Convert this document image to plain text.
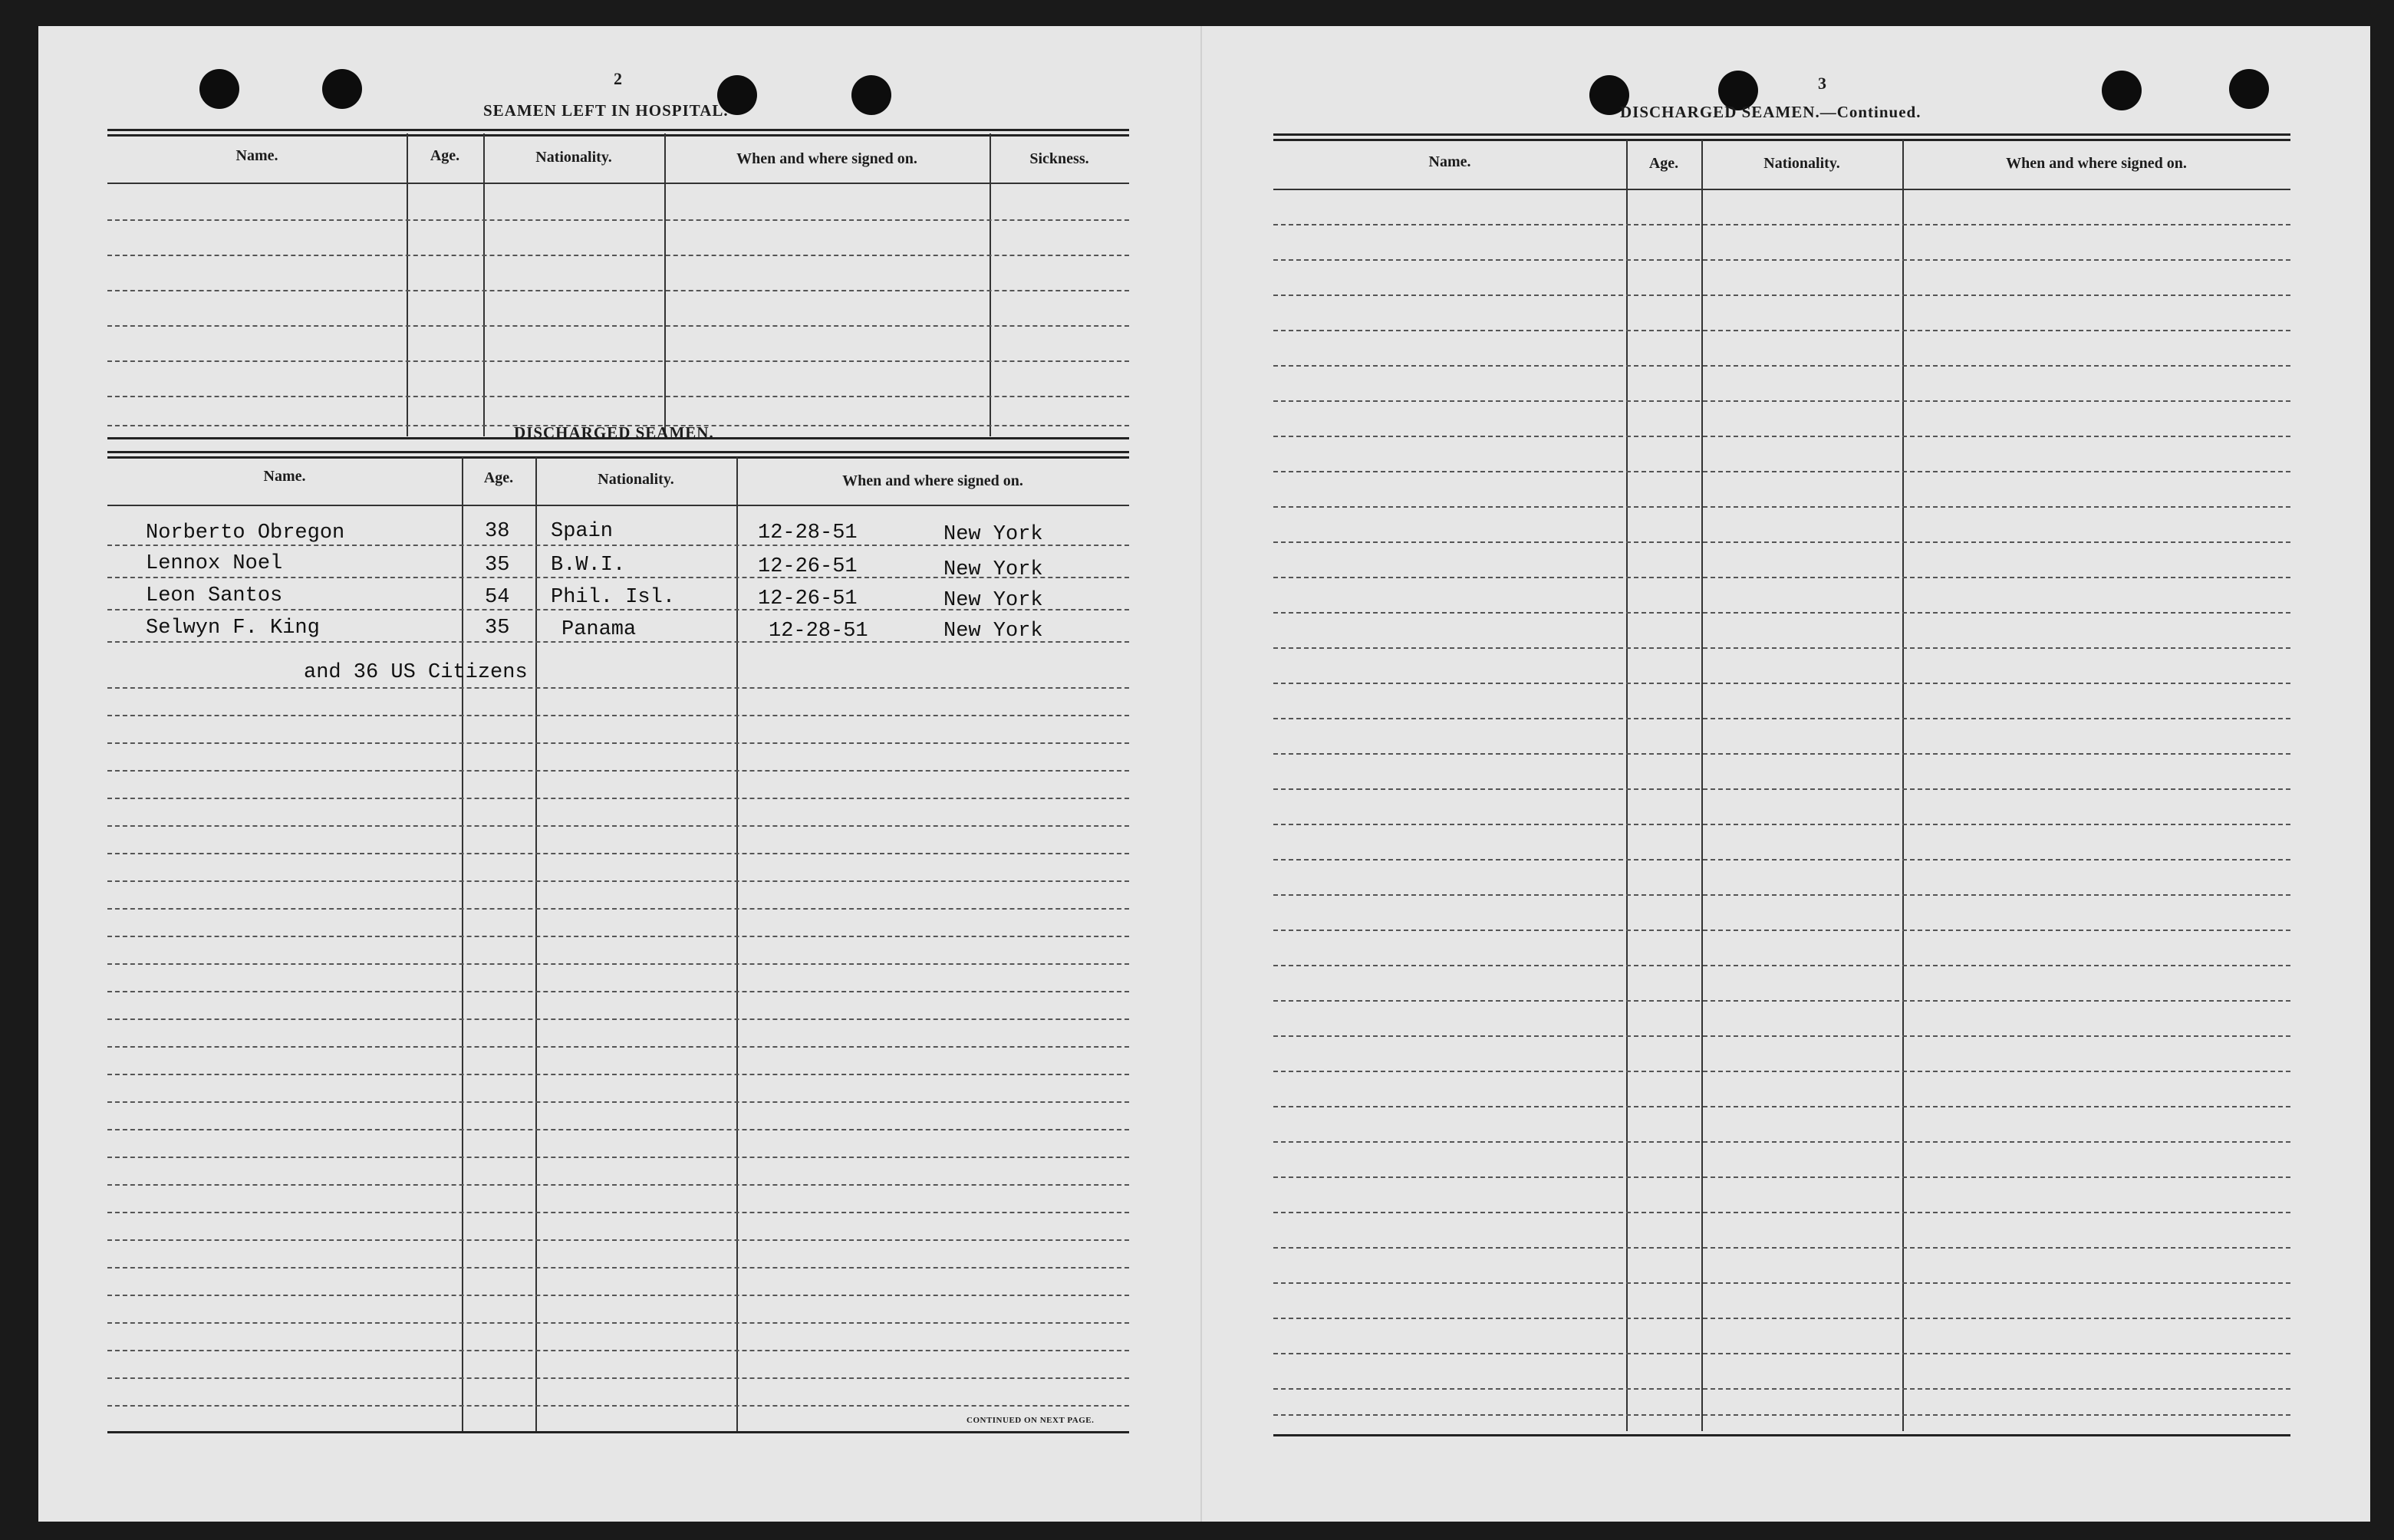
2
SEAMEN LEFT IN HOSPITAL.
Name.	Age.	Nationality.	When and where signed on.	Sickness.
DISCHARGED SEAMEN.
Name.	Age.	Nationality.	When and where signed on.
Norberto Obregon	38 Spain	12-28-51	New York
Lennox Noel	35 B.W.I.	12-26-51	New York
Leon Santos	54 Phil. Isl.	12-26-51	New York
Selwyn F. King	35	Panama	12-28-51	New York
and 36 US Citizens
CONTINUED ON NEXT PAGE.
3
DISCHARGED SEAMEN.—Continued.
Name.	Age.	Nationality.	When and where signed on.
